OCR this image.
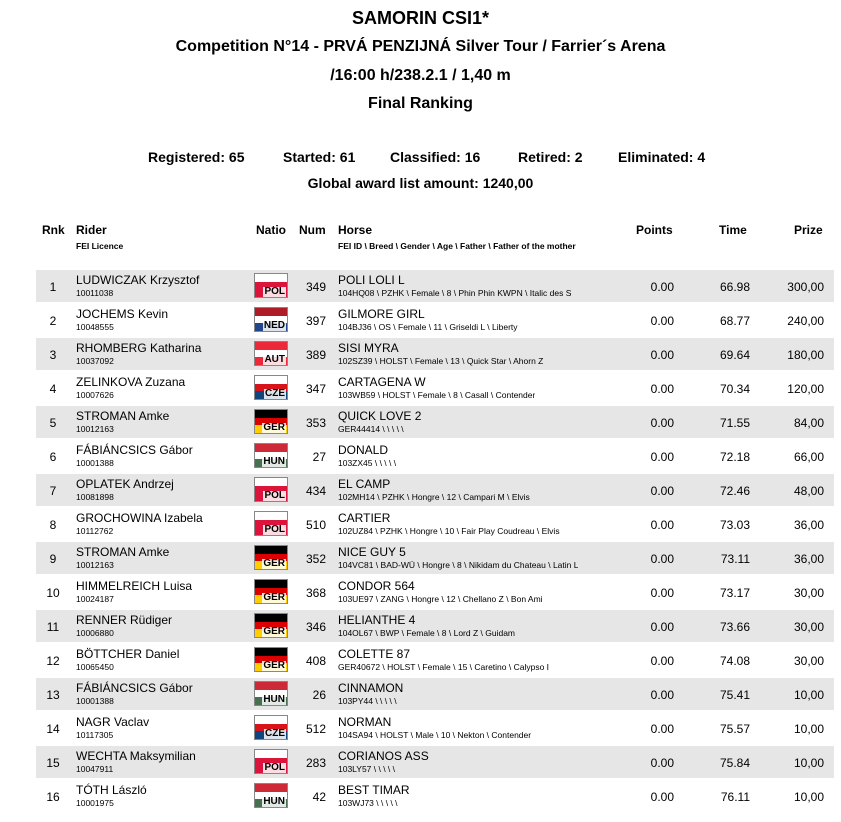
SAMORIN CSI1*
Competition N°14 - PRVÁ PENZIJNÁ Silver Tour / Farrier´s Arena
/16:00 h/238.2.1 / 1,40 m
Final Ranking
Registered: 65	Started: 61 Classified: 16	Retired: 2	Eliminated: 4
Global award list amount: 1240,00
Rnk Rider
FEI Licence
Natio	Num Horse
FEI ID \ Breed \ Gender \ Age \ Father \ Father of the mother
Points	Time	Prize
1	LUDWICZAK Krzysztof
10011038	POL	349 POLI LOLI L
104HQ08 \ PZHK \ Female \ 8 \ Phin Phin KWPN \ Italic des S	0.00	66.98	300,00
2	JOCHEMS Kevin
10048555	NED	397 GILMORE GIRL
104BJ36 \ OS \ Female \ 11 \ Griseldi L \ Liberty	0.00	68.77	240,00
3	RHOMBERG Katharina
10037092	AUT	389 SISI MYRA
102SZ39 \ HOLST \ Female \ 13 \ Quick Star \ Ahorn Z	0.00	69.64	180,00
4	ZELINKOVA Zuzana
10007626	CZE	347 CARTAGENA W
103WB59 \ HOLST \ Female \ 8 \ Casall \ Contender	0.00	70.34	120,00
5	STROMAN Amke
10012163	GER	353 QUICK LOVE 2
GER44414 \ \ \ \ \	0.00	71.55	84,00
6	FÁBIÁNCSICS Gábor
10001388	HUN	27 DONALD
103ZX45 \ \ \ \ \	0.00	72.18	66,00
7	OPLATEK Andrzej
10081898	POL	434 EL CAMP
102MH14 \ PZHK \ Hongre \ 12 \ Campari M \ Elvis	0.00	72.46	48,00
8	GROCHOWINA Izabela
10112762	POL	510 CARTIER
102UZ84 \ PZHK \ Hongre \ 10 \ Fair Play Coudreau \ Elvis	0.00	73.03	36,00
9	STROMAN Amke
10012163	GER	352 NICE GUY 5
104VC81 \ BAD-WÜ \ Hongre \ 8 \ Nikidam du Chateau \ Latin L	0.00	73.11	36,00
10	HIMMELREICH Luisa
10024187	GER	368 CONDOR 564
103UE97 \ ZANG \ Hongre \ 12 \ Chellano Z \ Bon Ami	0.00	73.17	30,00
11	RENNER Rüdiger
10006880	GER	346 HELIANTHE 4
104OL67 \ BWP \ Female \ 8 \ Lord Z \ Guidam	0.00	73.66	30,00
12	BÖTTCHER Daniel
10065450	GER	408 COLETTE 87
GER40672 \ HOLST \ Female \ 15 \ Caretino \ Calypso I	0.00	74.08	30,00
13	FÁBIÁNCSICS Gábor
10001388	HUN	26 CINNAMON
103PY44 \ \ \ \ \	0.00	75.41	10,00
14	NAGR Vaclav
10117305	CZE	512 NORMAN
104SA94 \ HOLST \ Male \ 10 \ Nekton \ Contender	0.00	75.57	10,00
15	WECHTA Maksymilian
10047911	POL	283 CORIANOS ASS
103LY57 \ \ \ \ \	0.00	75.84	10,00
16	TÓTH László
10001975	HUN	42 BEST TIMAR
103WJ73 \ \ \ \ \	0.00	76.11	10,00
